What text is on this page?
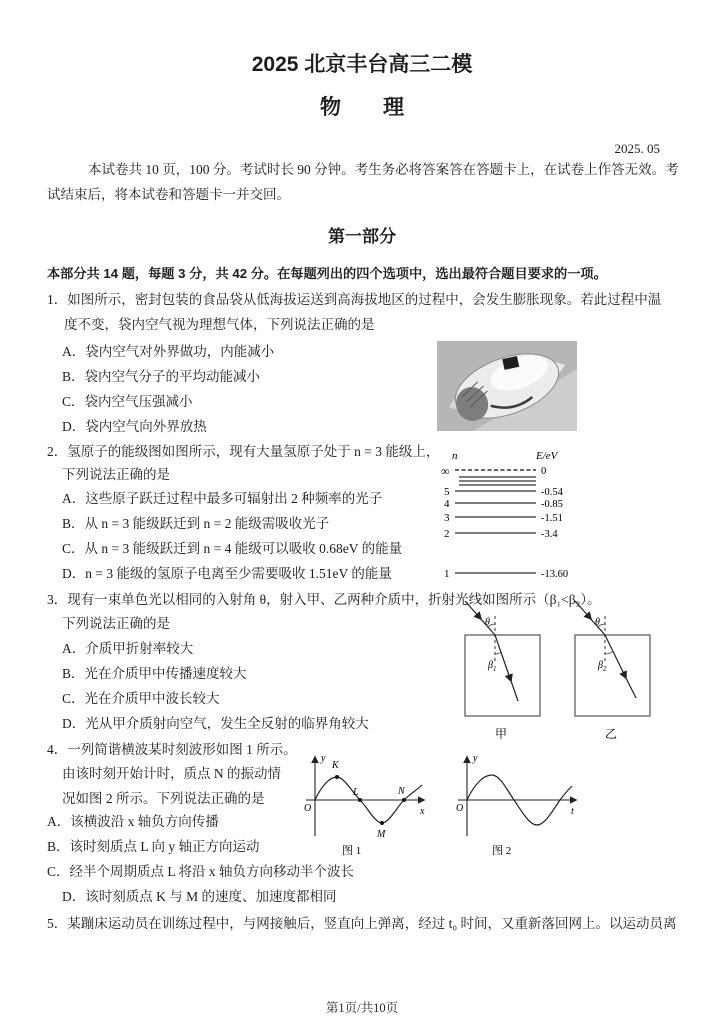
2025 北京丰台高三二模
物　　理
2025. 05
本试卷共 10 页，100 分。考试时长 90 分钟。考生务必将答案答在答题卡上，在试卷上作答无效。考
试结束后，将本试卷和答题卡一并交回。
第一部分
本部分共 14 题，每题 3 分，共 42 分。在每题列出的四个选项中，选出最符合题目要求的一项。
1．如图所示，密封包装的食品袋从低海拔运送到高海拔地区的过程中，会发生膨胀现象。若此过程中温
度不变，袋内空气视为理想气体，下列说法正确的是
A．袋内空气对外界做功，内能减小
B．袋内空气分子的平均动能减小
C．袋内空气压强减小
D．袋内空气向外界放热
2．氢原子的能级图如图所示，现有大量氢原子处于 n = 3 能级上，
下列说法正确的是
A．这些原子跃迁过程中最多可辐射出 2 种频率的光子
B．从 n = 3 能级跃迁到 n = 2 能级需吸收光子
C．从 n = 3 能级跃迁到 n = 4 能级可以吸收 0.68eV 的能量
D．n = 3 能级的氢原子电离至少需要吸收 1.51eV 的能量
n	E/eV
∞	0
5	-0.54
4	-0.85
3	-1.51
2	-3.4
1	-13.60
3．现有一束单色光以相同的入射角 θ，射入甲、乙两种介质中，折射光线如图所示（β₁<β₂）。
下列说法正确的是
A．介质甲折射率较大
B．光在介质甲中传播速度较大
C．光在介质甲中波长较大
D．光从甲介质射向空气，发生全反射的临界角较大
θ
$\beta_1$
甲
θ
$\beta_2$
乙
4．一列简谐横波某时刻波形如图 1 所示。
由该时刻开始计时，质点 N 的振动情
况如图 2 所示。下列说法正确的是
A．该横波沿 x 轴负方向传播
B．该时刻质点 L 向 y 轴正方向运动
C．经半个周期质点 L 将沿 x 轴负方向移动半个波长
D．该时刻质点 K 与 M 的速度、加速度都相同
y
x
O
K
L
M
N
图 1
y
t
O
图 2
5．某蹦床运动员在训练过程中，与网接触后，竖直向上弹离，经过 t₀ 时间，又重新落回网上。以运动员离
第1页/共10页
